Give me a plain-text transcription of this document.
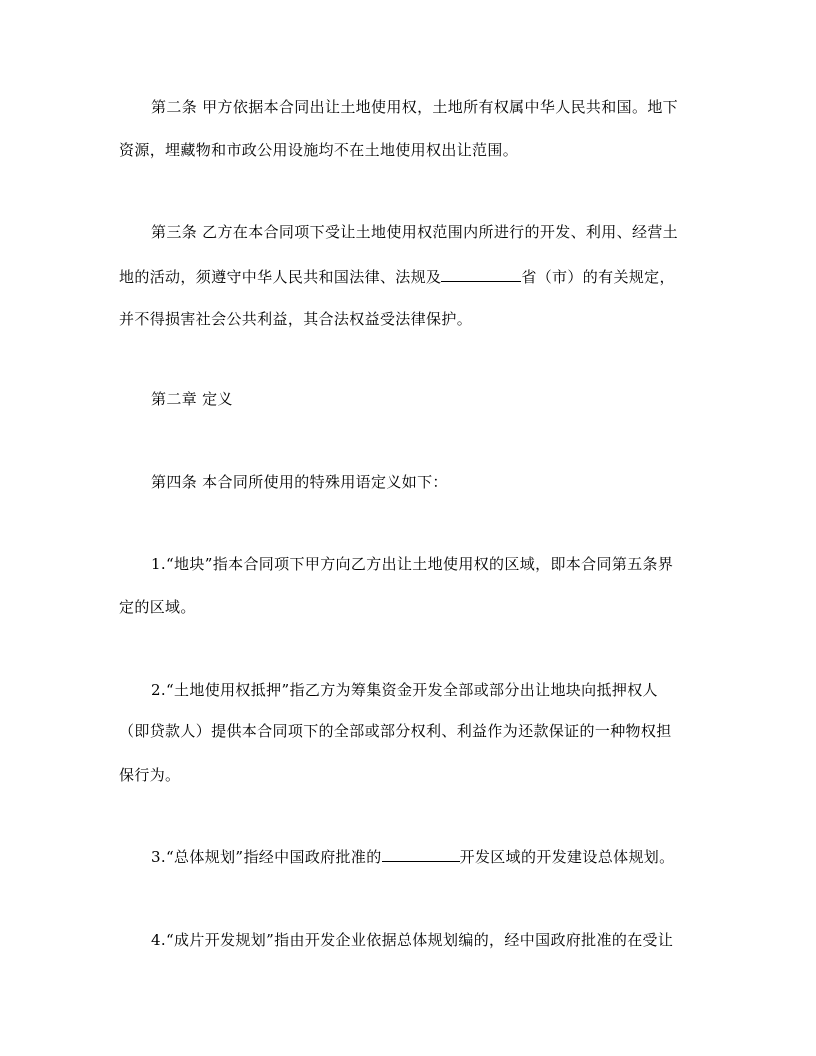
第二条 甲方依据本合同出让土地使用权，土地所有权属中华人民共和国。地下
资源，埋藏物和市政公用设施均不在土地使用权出让范围。
第三条 乙方在本合同项下受让土地使用权范围内所进行的开发、利用、经营土
地的活动，须遵守中华人民共和国法律、法规及	省（市）的有关规定，
并不得损害社会公共利益，其合法权益受法律保护。
第二章 定义
第四条 本合同所使用的特殊用语定义如下：
1.“地块”指本合同项下甲方向乙方出让土地使用权的区域，即本合同第五条界
定的区域。
2.“土地使用权抵押”指乙方为筹集资金开发全部或部分出让地块向抵押权人
（即贷款人）提供本合同项下的全部或部分权利、利益作为还款保证的一种物权担
保行为。
3.“总体规划”指经中国政府批准的	开发区域的开发建设总体规划。
4.“成片开发规划”指由开发企业依据总体规划编的，经中国政府批准的在受让
